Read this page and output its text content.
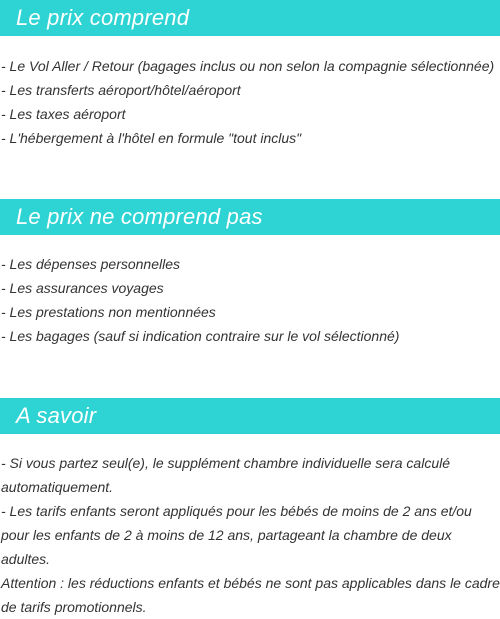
Le prix comprend
- Le Vol Aller / Retour (bagages inclus ou non selon la compagnie sélectionnée)
- Les transferts aéroport/hôtel/aéroport
- Les taxes aéroport
- L'hébergement à l'hôtel en formule "tout inclus"
Le prix ne comprend pas
- Les dépenses personnelles
- Les assurances voyages
- Les prestations non mentionnées
- Les bagages (sauf si indication contraire sur le vol sélectionné)
A savoir

- Si vous partez seul(e), le supplément chambre individuelle sera calculé automatiquement.

- Les tarifs enfants seront appliqués pour les bébés de moins de 2 ans et/ou pour les enfants de 2 à moins de 12 ans, partageant la chambre de deux adultes.

Attention : les réductions enfants et bébés ne sont pas applicables dans le cadre de tarifs promotionnels.
